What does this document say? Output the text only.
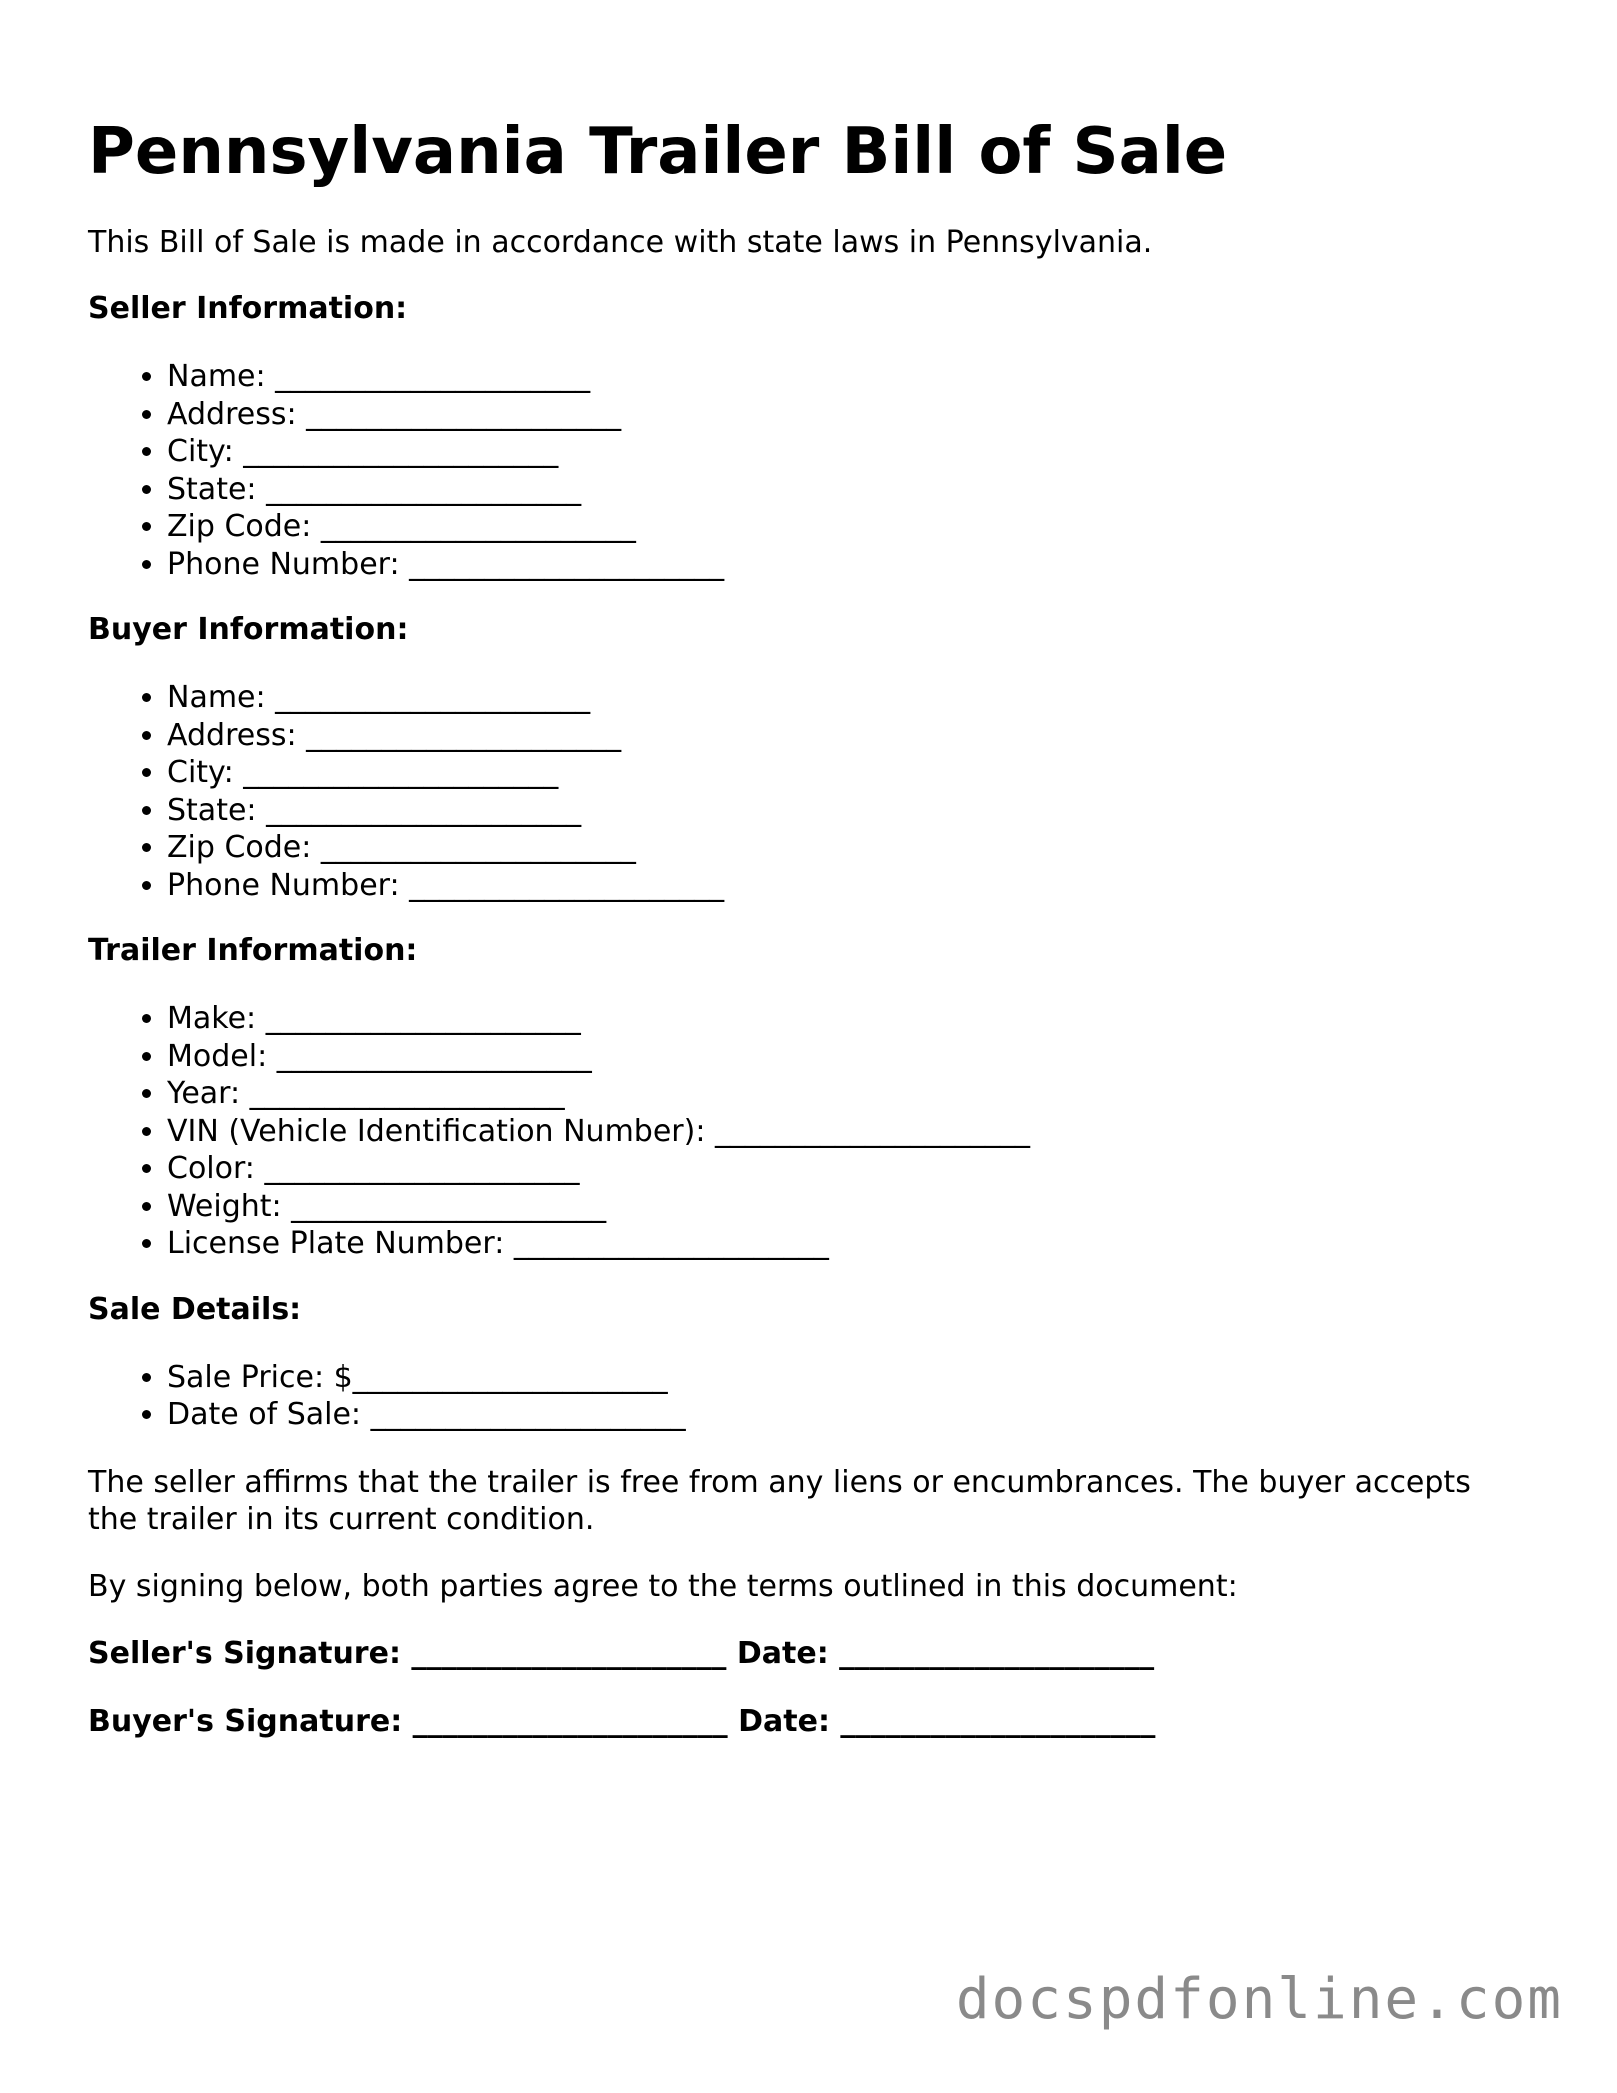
Pennsylvania Trailer Bill of Sale

This Bill of Sale is made in accordance with state laws in Pennsylvania.

Seller Information:
• Name: _____________________
• Address: _____________________
• City: _____________________
• State: _____________________
• Zip Code: _____________________
• Phone Number: _____________________
Buyer Information:
• Name: _____________________
• Address: _____________________
• City: _____________________
• State: _____________________
• Zip Code: _____________________
• Phone Number: _____________________
Trailer Information:
• Make: _____________________
• Model: _____________________
• Year: _____________________
• VIN (Vehicle Identification Number): _____________________
• Color: _____________________
• Weight: _____________________
• License Plate Number: _____________________
Sale Details:
• Sale Price: $_____________________
• Date of Sale: _____________________

The seller affirms that the trailer is free from any liens or encumbrances. The buyer accepts the trailer in its current condition.

By signing below, both parties agree to the terms outlined in this document:

Seller's Signature: _____________________ Date: _____________________
Buyer's Signature: _____________________ Date: _____________________
docspdfonline.com
